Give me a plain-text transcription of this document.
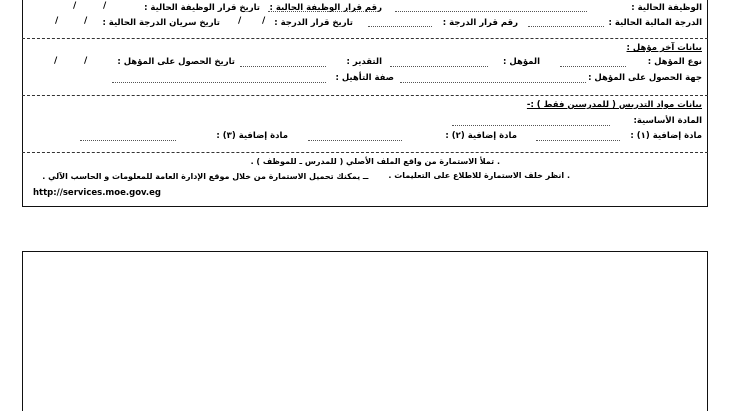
الوظيفة الحالية :
رقم قرار الوظيفة الحالية :
تاريخ قرار الوظيفة الحالية :
/	/
الدرجة المالية الحالية :
رقم قرار الدرجة :
تاريخ قرار الدرجة :
/ /
تاريخ سريان الدرجة الحالية :
/	/
بيانات آخر مؤهل :
نوع المؤهل :
المؤهل :
التقدير :
تاريخ الحصول على المؤهل :
/	/
جهة الحصول على المؤهل :
صفة التأهيل :
بيانات مواد التدريس ( للمدرسين فقط ) :-
المادة الأساسية:
مادة إضافية (١) :
مادة إضافية (٢) :
مادة إضافية (٣) :
. تملأ الاستمارة من واقع الملف الأصلي ( للمدرس ـ للموظف ) .
. انظر خلف الاستمارة للاطلاع على التعليمات .
ــ يمكنك تحميل الاستمارة من خلال موقع الإدارة العامة للمعلومات و الحاسب الآلي .
http://services.moe.gov.eg
